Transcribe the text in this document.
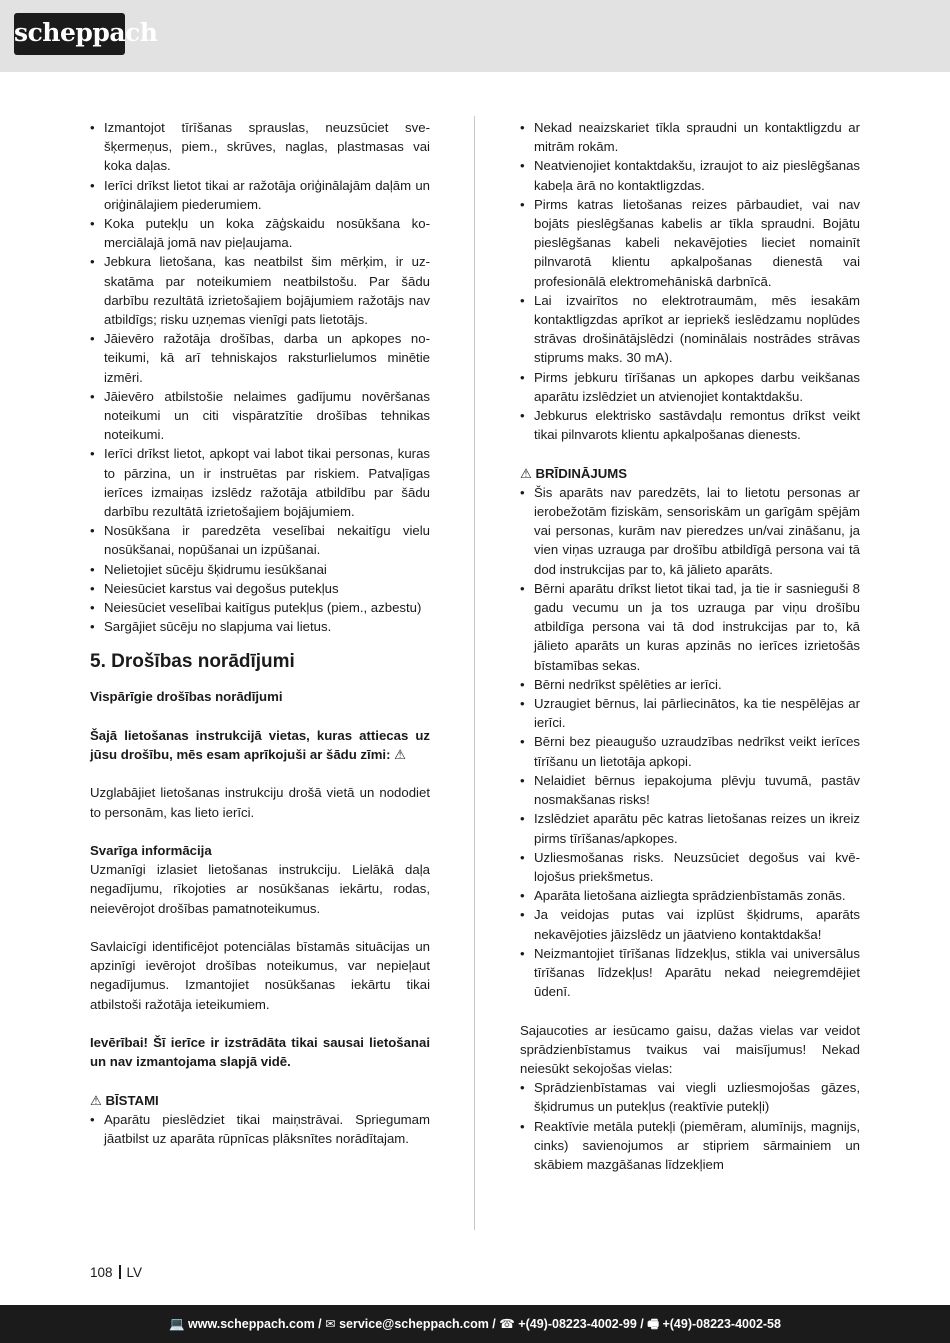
scheppach
• Izmantojot tīrīšanas sprauslas, neuzsūciet svešķermeņus, piem., skrūves, naglas, plastmasas vai koka daļas.
• Ierīci drīkst lietot tikai ar ražotāja oriģinālajām daļām un oriģinālajiem piederumiem.
• Koka putekļu un koka zāģskaidu nosūkšana komerciālajā jomā nav pieļaujama.
• Jebkura lietošana, kas neatbilst šim mērķim, ir uzskatāma par noteikumiem neatbilstošu. Par šādu darbību rezultātā izrietošajiem bojājumiem ražotājs nav atbildīgs; risku uzņemas vienīgi pats lietotājs.
• Jāievēro ražotāja drošības, darba un apkopes noteikumi, kā arī tehniskajos raksturlielumos minētie izmēri.
• Jāievēro atbilstošie nelaimes gadījumu novēršanas noteikumi un citi vispāratzītie drošības tehnikas noteikumi.
• Ierīci drīkst lietot, apkopt vai labot tikai personas, kuras to pārzina, un ir instruētas par riskiem. Patvaļīgas ierīces izmaiņas izslēdz ražotāja atbildību par šādu darbību rezultātā izrietošajiem bojājumiem.
• Nosūkšana ir paredzēta veselībai nekaitīgu vielu nosūkšanai, nopūšanai un izpūšanai.
• Nelietojiet sūcēju šķidrumu iesūkšanai
• Neiesūciet karstus vai degošus putekļus
• Neiesūciet veselībai kaitīgus putekļus (piem., azbestu)
• Sargājiet sūcēju no slapjuma vai lietus.
5. Drošības norādījumi

Vispārīgie drošības norādījumi

Šajā lietošanas instrukcijā vietas, kuras attiecas uz jūsu drošību, mēs esam aprīkojuši ar šādu zīmi: ⚠

Uzglabājiet lietošanas instrukciju drošā vietā un nododiet to personām, kas lieto ierīci.

Svarīga informācija

Uzmanīgi izlasiet lietošanas instrukciju. Lielākā daļa negadījumu, rīkojoties ar nosūkšanas iekārtu, rodas, neievērojot drošības pamatnoteikumus.

Savlaicīgi identificējot potenciālas bīstamās situācijas un apzinīgi ievērojot drošības noteikumus, var nepieļaut negadījumus. Izmantojiet nosūkšanas iekārtu tikai atbilstoši ražotāja ieteikumiem.

Ievērībai! Šī ierīce ir izstrādāta tikai sausai lietošanai un nav izmantojama slapjā vidē.

⚠ BĪSTAMI

• Aparātu pieslēdziet tikai maiņstrāvai. Spriegumam jāatbilst uz aparāta rūpnīcas plāksnītes norādītajam.
• Nekad neaizskariet tīkla spraudni un kontaktligzdu ar mitrām rokām.
• Neatvienojiet kontaktdakšu, izraujot to aiz pieslēgšanas kabeļa ārā no kontaktligzdas.
• Pirms katras lietošanas reizes pārbaudiet, vai nav bojāts pieslēgšanas kabelis ar tīkla spraudni. Bojātu pieslēgšanas kabeli nekavējoties lieciet nomainīt pilnvarotā klientu apkalpošanas dienestā vai profesionālā elektromehāniskā darbnīcā.
• Lai izvairītos no elektrotraumām, mēs iesakām kontaktligzdas aprīkot ar iepriekš ieslēdzamu noplūdes strāvas drošinātājslēdzi (nominālais nostrādes strāvas stiprums maks. 30 mA).
• Pirms jebkuru tīrīšanas un apkopes darbu veikšanas aparātu izslēdziet un atvienojiet kontaktdakšu.
• Jebkurus elektrisko sastāvdaļu remontus drīkst veikt tikai pilnvarots klientu apkalpošanas dienests.

⚠ BRĪDINĀJUMS

• Šis aparāts nav paredzēts, lai to lietotu personas ar ierobežotām fiziskām, sensoriskām un garīgām spējām vai personas, kurām nav pieredzes un/vai zināšanu, ja vien viņas uzrauga par drošību atbildīgā persona vai tā dod instrukcijas par to, kā jālieto aparāts.
• Bērni aparātu drīkst lietot tikai tad, ja tie ir sasnieguši 8 gadu vecumu un ja tos uzrauga par viņu drošību atbildīga persona vai tā dod instrukcijas par to, kā jālieto aparāts un kuras apzinās no ierīces izrietošās bīstamības sekas.
• Bērni nedrīkst spēlēties ar ierīci.
• Uzraugiet bērnus, lai pārliecinātos, ka tie nespēlējas ar ierīci.
• Bērni bez pieaugušo uzraudzības nedrīkst veikt ierīces tīrīšanu un lietotāja apkopi.
• Nelaidiet bērnus iepakojuma plēvju tuvumā, pastāv nosmakšanas risks!
• Izslēdziet aparātu pēc katras lietošanas reizes un ikreiz pirms tīrīšanas/apkopes.
• Uzliesmošanas risks. Neuzsūciet degošus vai kvēlojošus priekšmetus.
• Aparāta lietošana aizliegta sprādzienbīstamās zonās.
• Ja veidojas putas vai izplūst šķidrums, aparāts nekavējoties jāizslēdz un jāatvieno kontaktdakša!
• Neizmantojiet tīrīšanas līdzekļus, stikla vai universālus tīrīšanas līdzekļus! Aparātu nekad neiegremdējiet ūdenī.

Sajaucoties ar iesūcamo gaisu, dažas vielas var veidot sprādzienbīstamus tvaikus vai maisījumus! Nekad neiesūkt sekojošas vielas:

• Sprādzienbīstamas vai viegli uzliesmojošas gāzes, šķidrumus un putekļus (reaktīvie putekļi)
• Reaktīvie metāla putekļi (piemēram, alumīnijs, magnijs, cinks) savienojumos ar stipriem sārmainiem un skābiem mazgāšanas līdzekļiem
108 LV
💻 www.scheppach.com / ✉ service@scheppach.com / ☎ +(49)-08223-4002-99 / 🖷 +(49)-08223-4002-58
